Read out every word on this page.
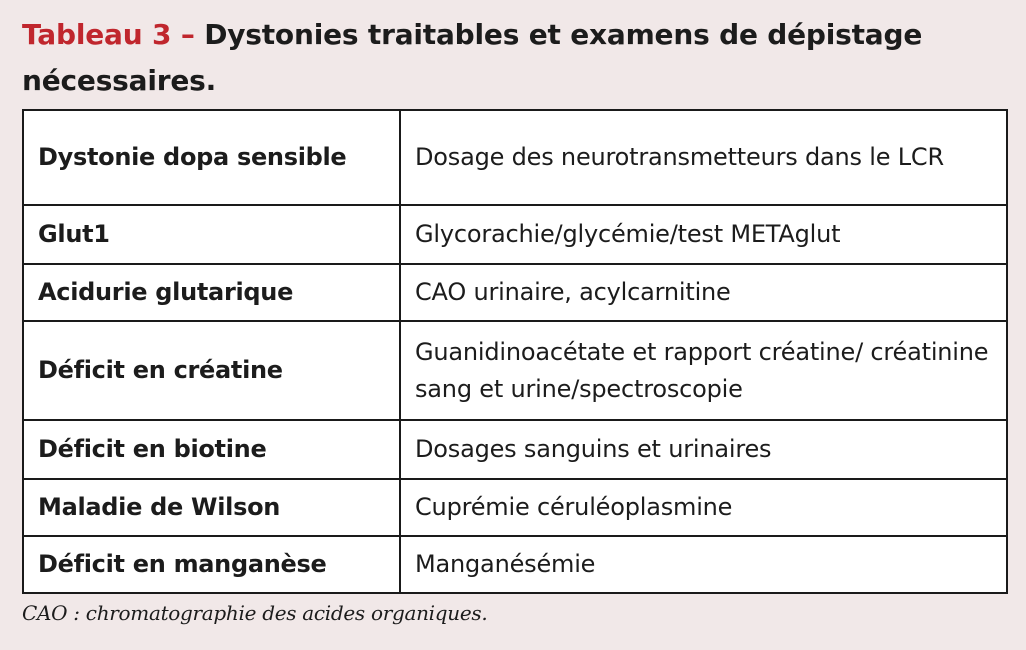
Tableau 3 – Dystonies traitables et examens de dépistage nécessaires.
Dystonie dopa sensible	Dosage des neurotransmetteurs dans le LCR
Glut1	Glycorachie/glycémie/test METAglut
Acidurie glutarique	CAO urinaire, acylcarnitine
Déficit en créatine	Guanidinoacétate et rapport créatine/ créatinine sang et urine/spectroscopie
Déficit en biotine	Dosages sanguins et urinaires
Maladie de Wilson	Cuprémie céruléoplasmine
Déficit en manganèse	Manganésémie

CAO : chromatographie des acides organiques.
